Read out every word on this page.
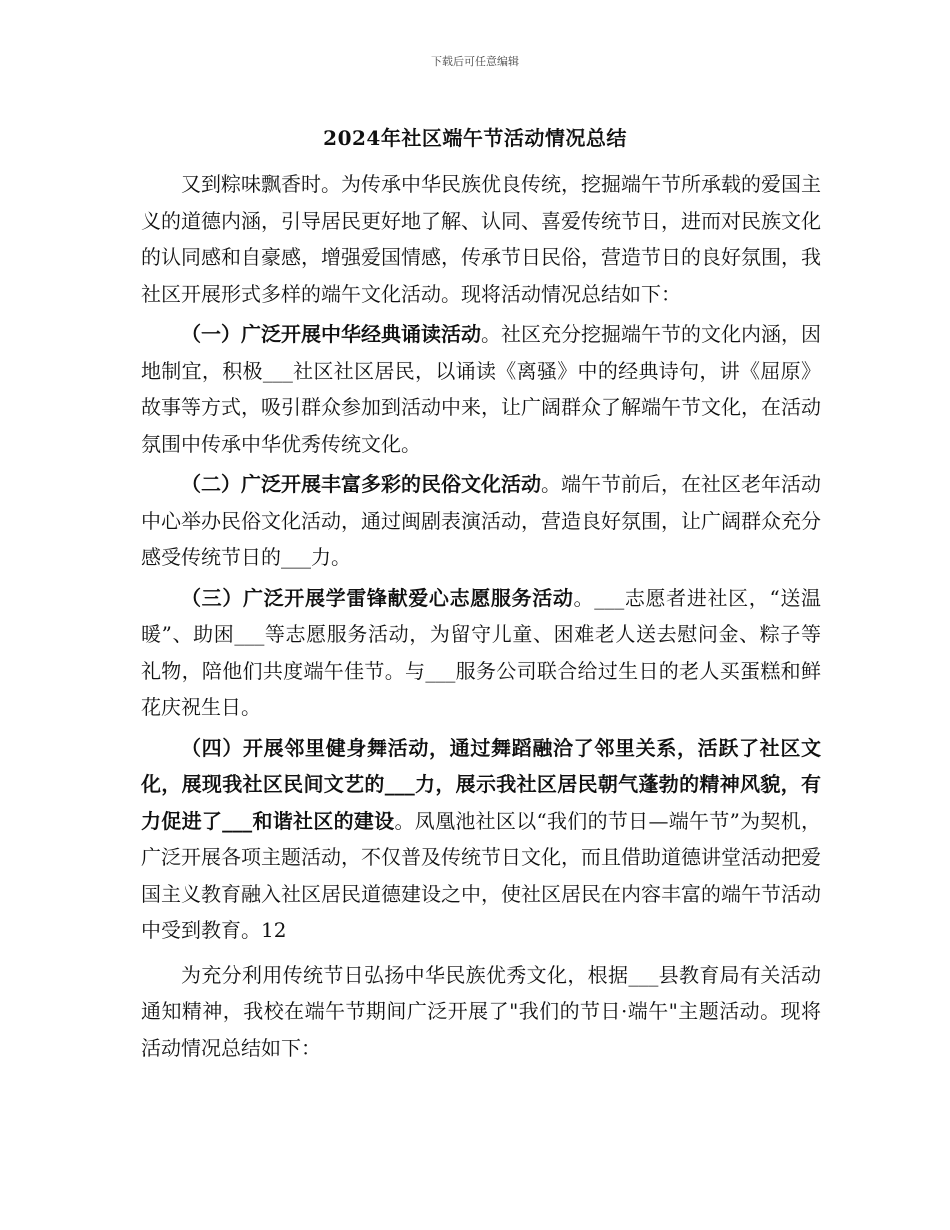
下载后可任意编辑
2024年社区端午节活动情况总结

又到粽味飘香时。为传承中华民族优良传统，挖掘端午节所承载的爱国主义的道德内涵，引导居民更好地了解、认同、喜爱传统节日，进而对民族文化的认同感和自豪感，增强爱国情感，传承节日民俗，营造节日的良好氛围，我社区开展形式多样的端午文化活动。现将活动情况总结如下：

（一）广泛开展中华经典诵读活动。社区充分挖掘端午节的文化内涵，因地制宜，积极___社区社区居民，以诵读《离骚》中的经典诗句，讲《屈原》故事等方式，吸引群众参加到活动中来，让广阔群众了解端午节文化，在活动氛围中传承中华优秀传统文化。

（二）广泛开展丰富多彩的民俗文化活动。端午节前后，在社区老年活动中心举办民俗文化活动，通过闽剧表演活动，营造良好氛围，让广阔群众充分感受传统节日的___力。

（三）广泛开展学雷锋献爱心志愿服务活动。___志愿者进社区，“送温暖”、助困___等志愿服务活动，为留守儿童、困难老人送去慰问金、粽子等礼物，陪他们共度端午佳节。与___服务公司联合给过生日的老人买蛋糕和鲜花庆祝生日。

（四）开展邻里健身舞活动，通过舞蹈融洽了邻里关系，活跃了社区文化，展现我社区民间文艺的___力，展示我社区居民朝气蓬勃的精神风貌，有力促进了___和谐社区的建设。凤凰池社区以“我们的节日—端午节”为契机，广泛开展各项主题活动，不仅普及传统节日文化，而且借助道德讲堂活动把爱国主义教育融入社区居民道德建设之中，使社区居民在内容丰富的端午节活动中受到教育。12

为充分利用传统节日弘扬中华民族优秀文化，根据___县教育局有关活动通知精神，我校在端午节期间广泛开展了"我们的节日·端午"主题活动。现将活动情况总结如下：
